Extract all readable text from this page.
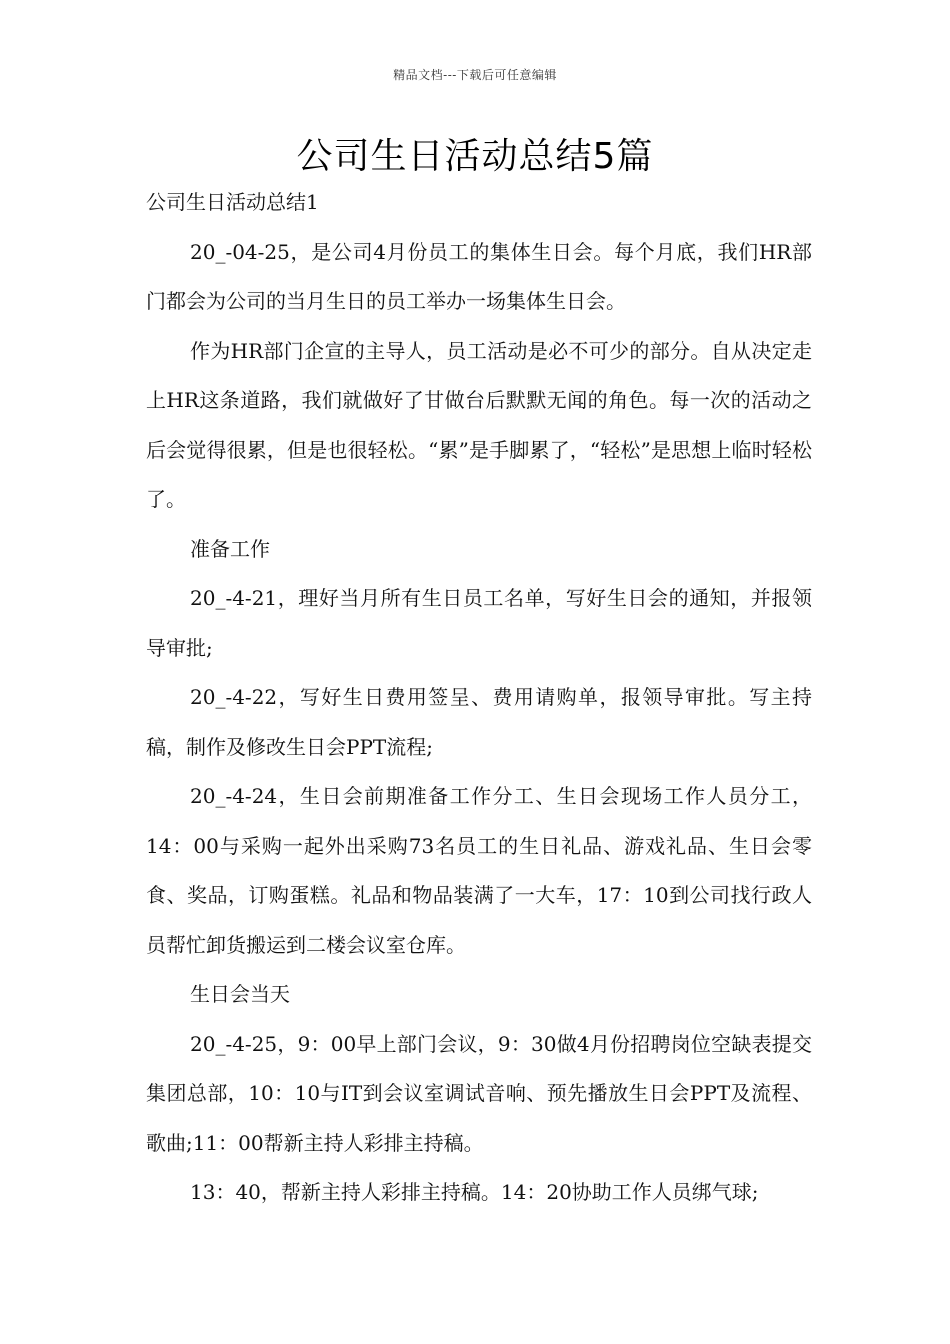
精品文档---下载后可任意编辑
公司生日活动总结5篇

公司生日活动总结1

20_-04-25，是公司4月份员工的集体生日会。每个月底，我们HR部门都会为公司的当月生日的员工举办一场集体生日会。

作为HR部门企宣的主导人，员工活动是必不可少的部分。自从决定走上HR这条道路，我们就做好了甘做台后默默无闻的角色。每一次的活动之后会觉得很累，但是也很轻松。“累”是手脚累了，“轻松”是思想上临时轻松了。

准备工作

20_-4-21，理好当月所有生日员工名单，写好生日会的通知，并报领导审批;

20_-4-22，写好生日费用签呈、费用请购单，报领导审批。写主持稿，制作及修改生日会PPT流程;

20_-4-24，生日会前期准备工作分工、生日会现场工作人员分工，14：00与采购一起外出采购73名员工的生日礼品、游戏礼品、生日会零食、奖品，订购蛋糕。礼品和物品装满了一大车，17：10到公司找行政人员帮忙卸货搬运到二楼会议室仓库。

生日会当天

20_-4-25，9：00早上部门会议，9：30做4月份招聘岗位空缺表提交集团总部，10：10与IT到会议室调试音响、预先播放生日会PPT及流程、歌曲;11：00帮新主持人彩排主持稿。

13：40，帮新主持人彩排主持稿。14：20协助工作人员绑气球;
